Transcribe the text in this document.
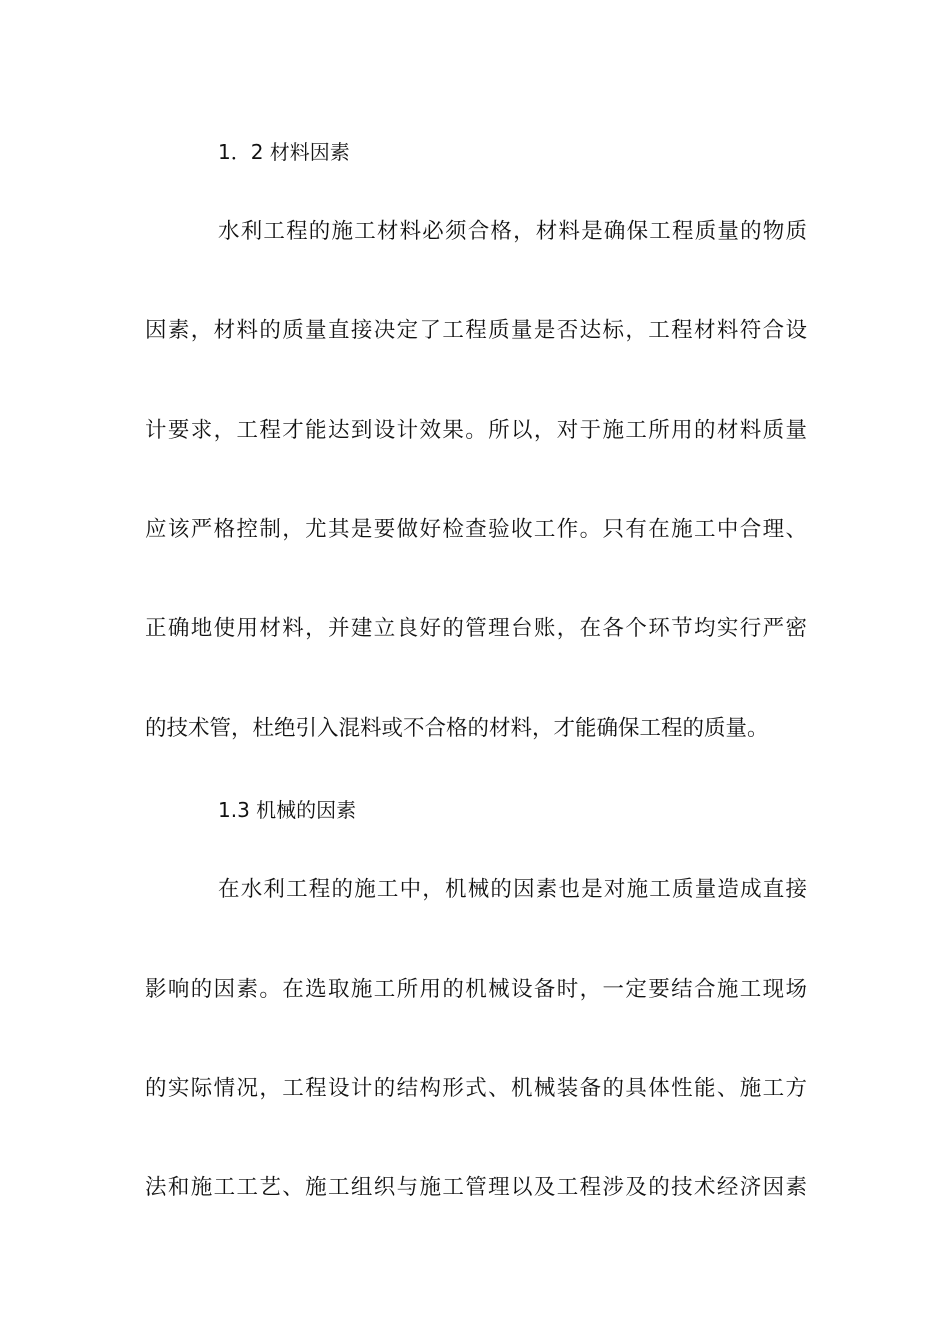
1．2 材料因素

水利工程的施工材料必须合格，材料是确保工程质量的物质

因素，材料的质量直接决定了工程质量是否达标，工程材料符合设

计要求，工程才能达到设计效果。所以，对于施工所用的材料质量

应该严格控制，尤其是要做好检查验收工作。只有在施工中合理、

正确地使用材料，并建立良好的管理台账，在各个环节均实行严密

的技术管，杜绝引入混料或不合格的材料，才能确保工程的质量。

1.3 机械的因素

在水利工程的施工中，机械的因素也是对施工质量造成直接

影响的因素。在选取施工所用的机械设备时，一定要结合施工现场

的实际情况，工程设计的结构形式、机械装备的具体性能、施工方

法和施工工艺、施工组织与施工管理以及工程涉及的技术经济因素
